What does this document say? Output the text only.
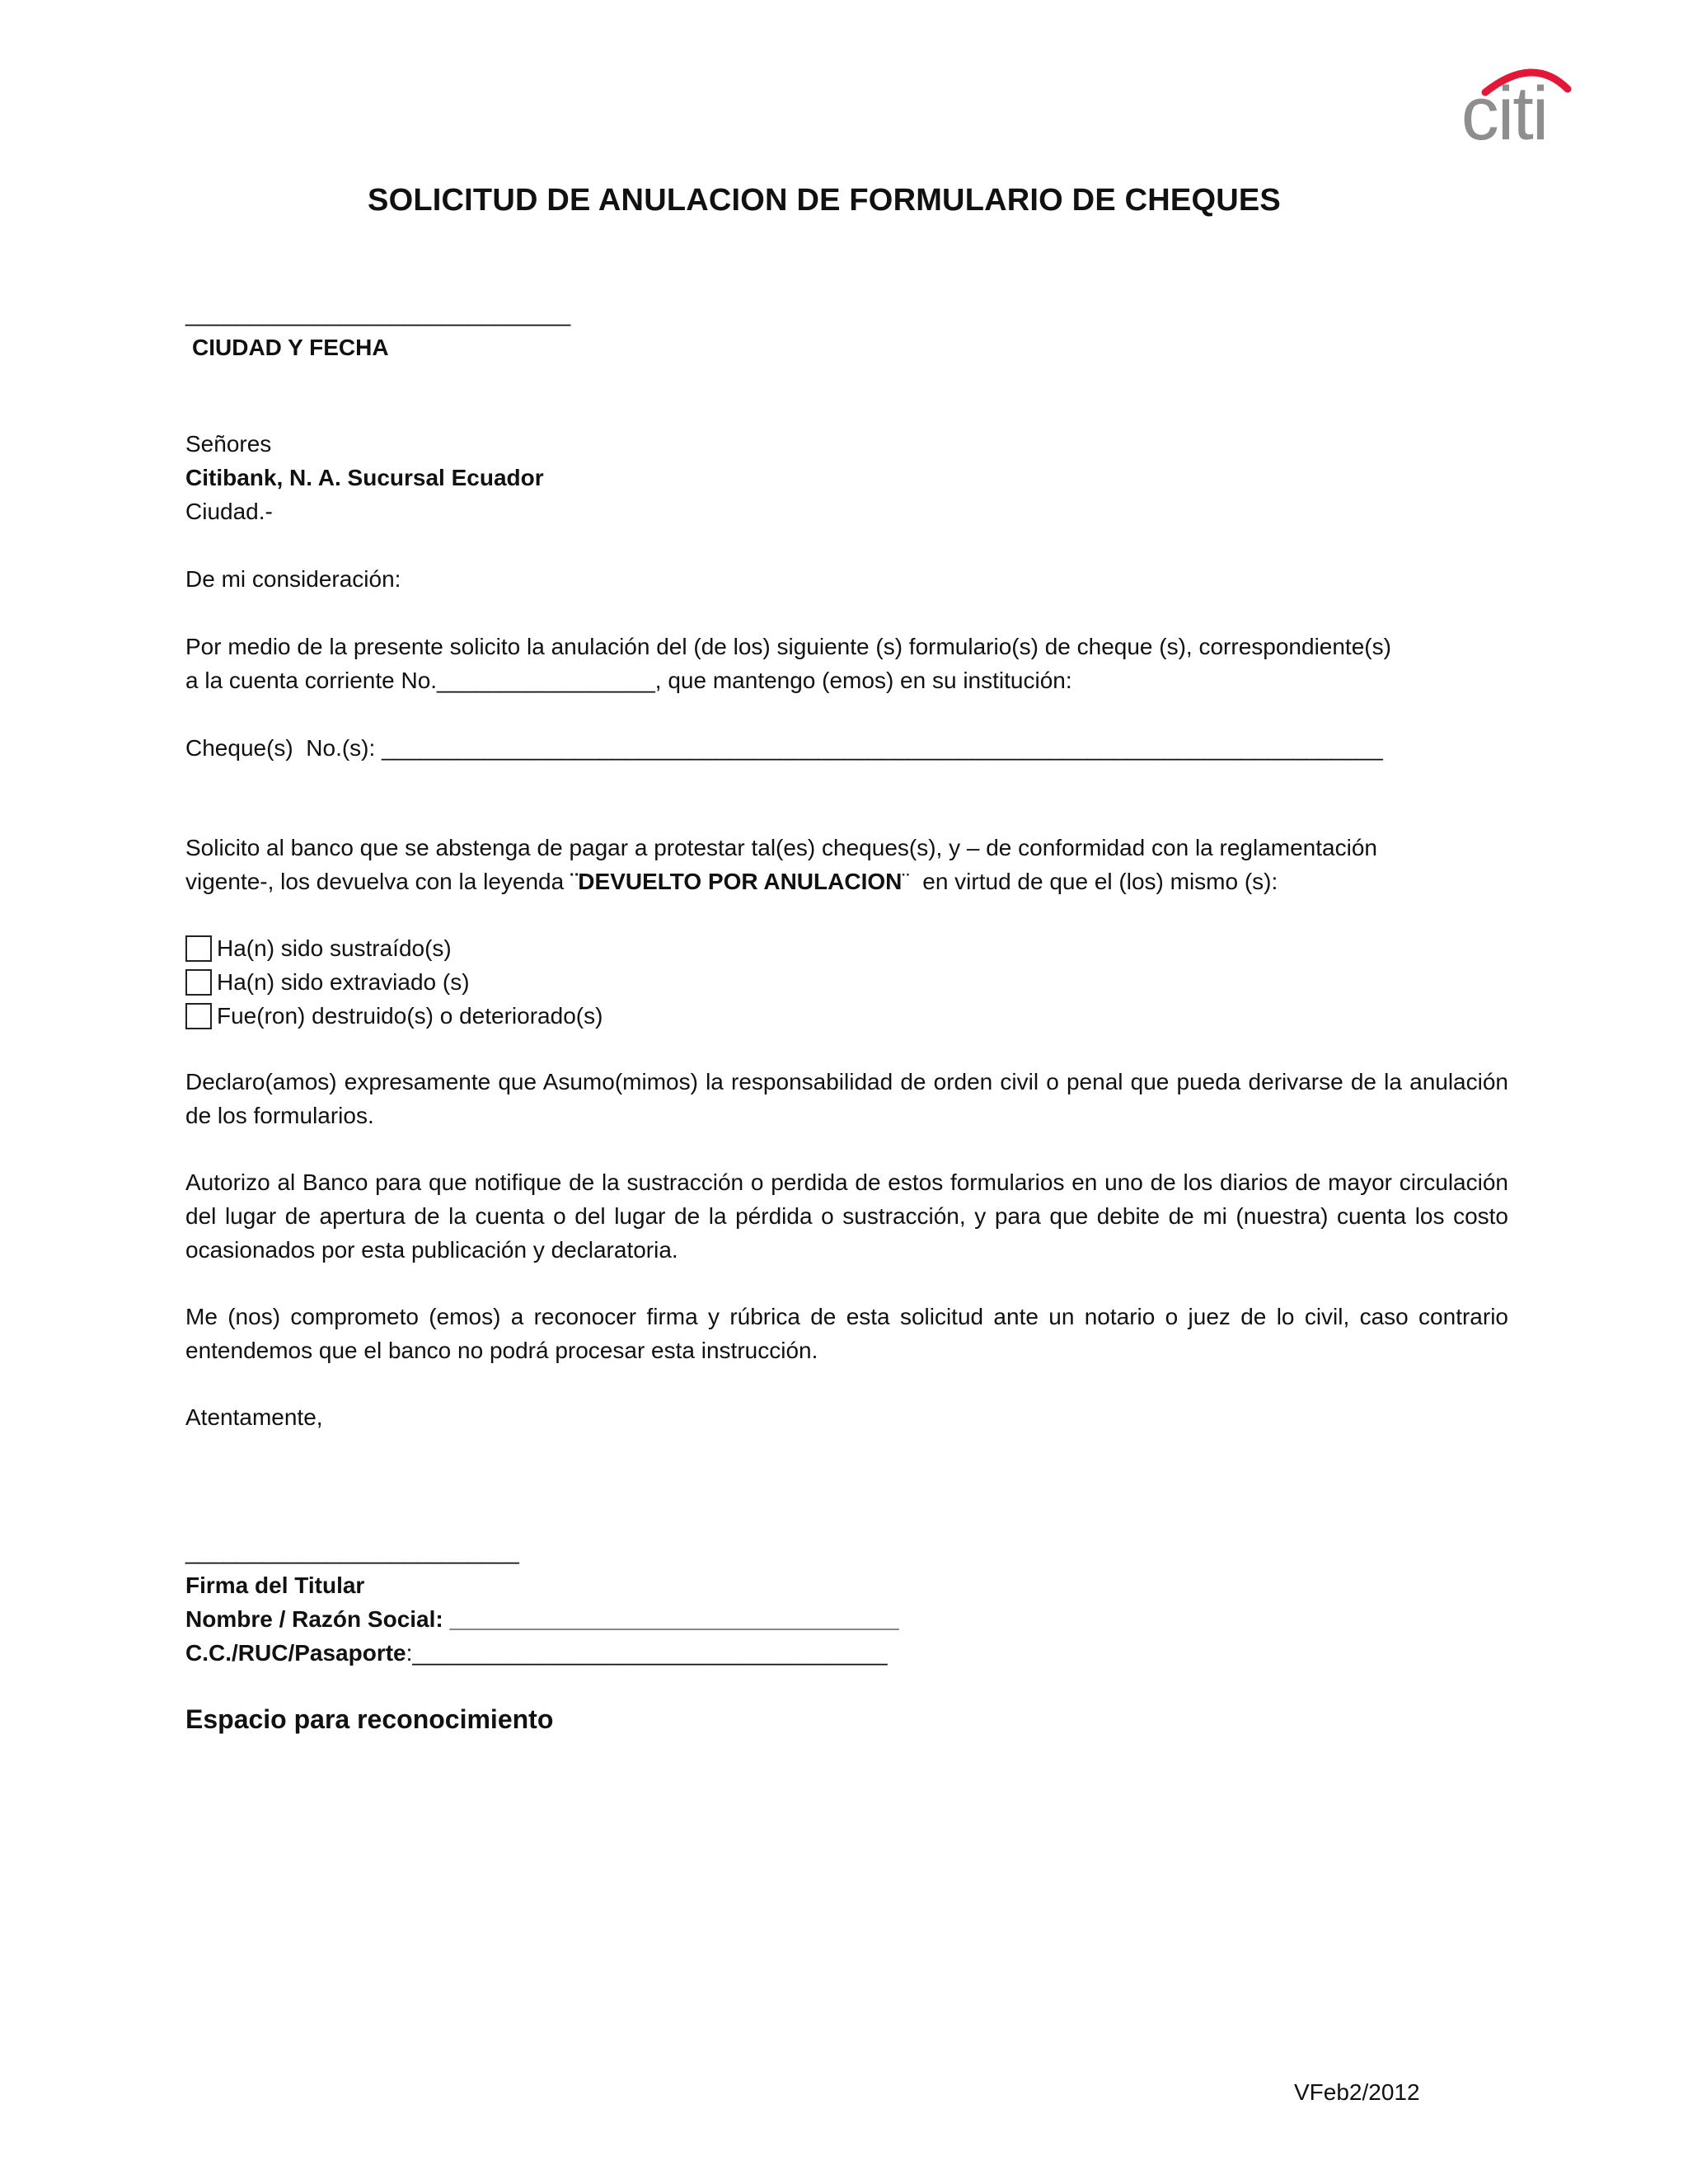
citi
SOLICITUD DE ANULACION DE FORMULARIO DE CHEQUES
______________________________
CIUDAD Y FECHA
Señores
Citibank, N. A. Sucursal Ecuador
Ciudad.-
De mi consideración:
Por medio de la presente solicito la anulación del (de los) siguiente (s) formulario(s) de cheque (s), correspondiente(s)
a la cuenta corriente No._________________, que mantengo (emos) en su institución:
Cheque(s)  No.(s): ______________________________________________________________________________
Solicito al banco que se abstenga de pagar a protestar tal(es) cheques(s), y – de conformidad con la reglamentación
vigente-, los devuelva con la leyenda ¨DEVUELTO POR ANULACION¨  en virtud de que el (los) mismo (s):
Ha(n) sido sustraído(s)
Ha(n) sido extraviado (s)
Fue(ron) destruido(s) o deteriorado(s)
Declaro(amos) expresamente que Asumo(mimos) la responsabilidad de orden civil o penal que pueda derivarse de la anulación de los formularios.
Autorizo al Banco para que notifique de la sustracción o perdida de estos formularios en uno de los diarios de mayor circulación del lugar de apertura de la cuenta o del lugar de la pérdida o sustracción, y para que debite de mi (nuestra) cuenta los costo ocasionados por esta publicación y declaratoria.
Me (nos) comprometo (emos) a reconocer firma y rúbrica de esta solicitud ante un notario o juez de lo civil, caso contrario entendemos que el banco no podrá procesar esta instrucción.
Atentamente,
__________________________
Firma del Titular
Nombre / Razón Social: ___________________________________
C.C./RUC/Pasaporte:_____________________________________
Espacio para reconocimiento
VFeb2/2012
